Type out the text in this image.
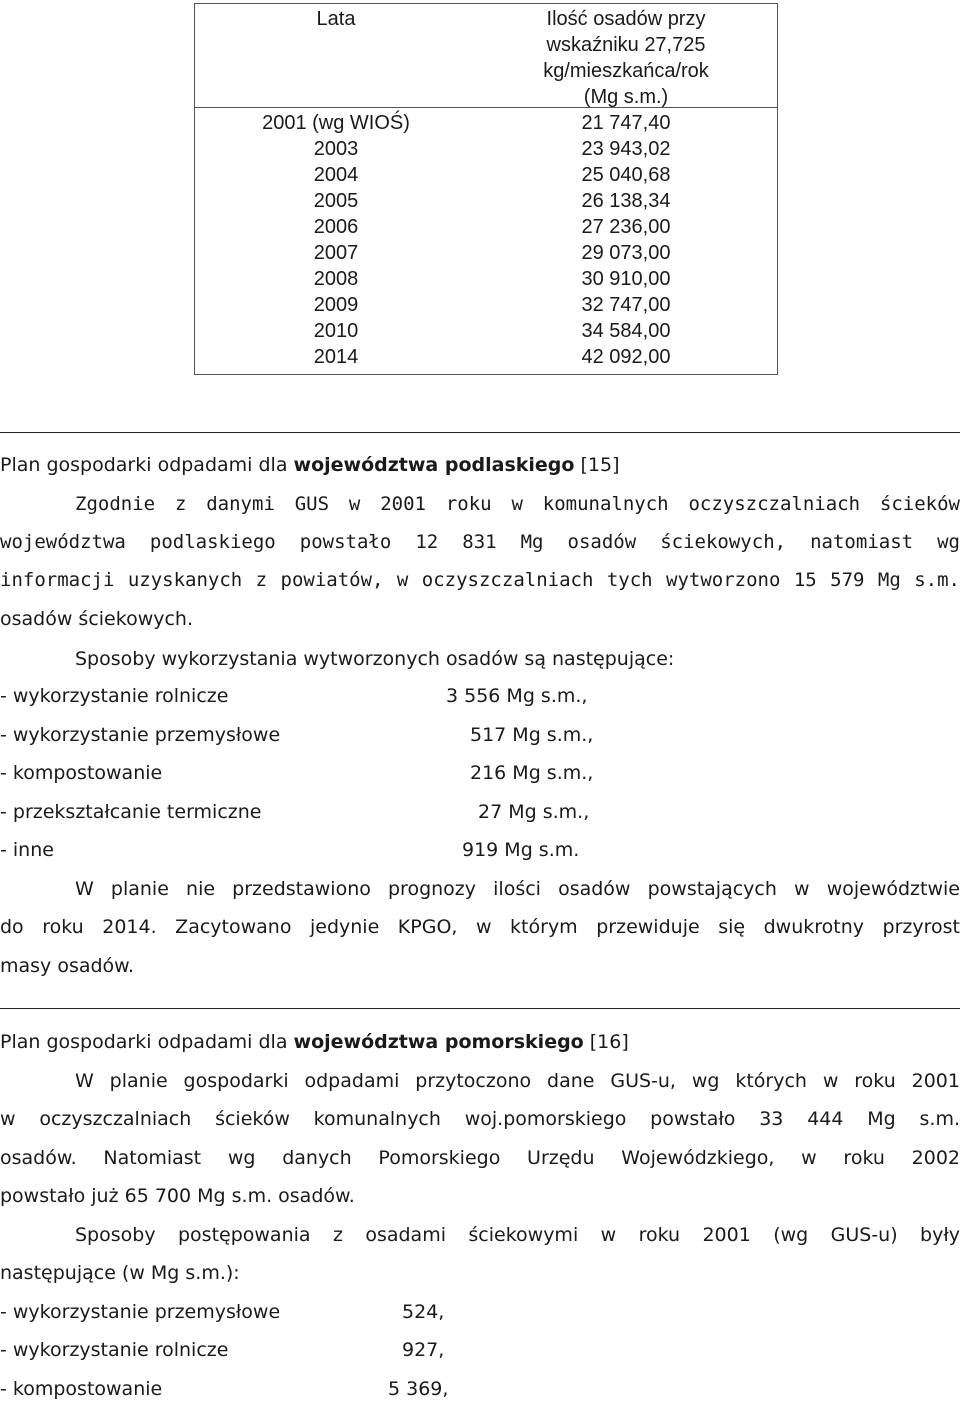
Lata	Ilość osadów przy
wskaźniku 27,725
kg/mieszkańca/rok
(Mg s.m.)
2001 (wg WIOŚ)	21 747,40
2003	23 943,02
2004	25 040,68
2005	26 138,34
2006	27 236,00
2007	29 073,00
2008	30 910,00
2009	32 747,00
2010	34 584,00
2014	42 092,00
Plan gospodarki odpadami dla województwa podlaskiego [15]
Zgodnie z danymi GUS w 2001 roku w komunalnych oczyszczalniach ścieków
województwa podlaskiego powstało 12 831 Mg osadów ściekowych, natomiast wg
informacji uzyskanych z powiatów, w oczyszczalniach tych wytworzono 15 579 Mg s.m.
osadów ściekowych.
Sposoby wykorzystania wytworzonych osadów są następujące:
- wykorzystanie rolnicze	3 556 Mg s.m.,
- wykorzystanie przemysłowe	517 Mg s.m.,
- kompostowanie	216 Mg s.m.,
- przekształcanie termiczne	27 Mg s.m.,
- inne	919 Mg s.m.
W planie nie przedstawiono prognozy ilości osadów powstających w województwie
do roku 2014. Zacytowano jedynie KPGO, w którym przewiduje się dwukrotny przyrost
masy osadów.
Plan gospodarki odpadami dla województwa pomorskiego [16]
W planie gospodarki odpadami przytoczono dane GUS-u, wg których w roku 2001
w oczyszczalniach ścieków komunalnych woj.pomorskiego powstało 33 444 Mg s.m.
osadów. Natomiast wg danych Pomorskiego Urzędu Wojewódzkiego, w roku 2002
powstało już 65 700 Mg s.m. osadów.
Sposoby postępowania z osadami ściekowymi w roku 2001 (wg GUS-u) były
następujące (w Mg s.m.):
- wykorzystanie przemysłowe	524,
- wykorzystanie rolnicze	927,
- kompostowanie	5 369,
